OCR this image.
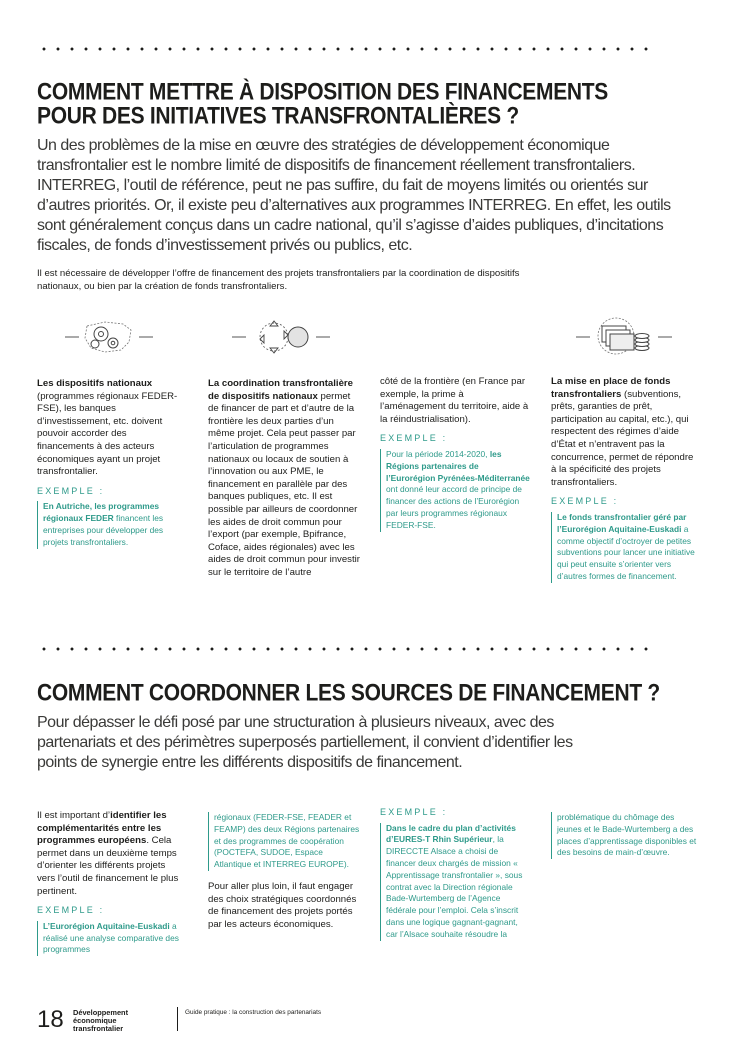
COMMENT METTRE À DISPOSITION DES FINANCEMENTS
POUR DES INITIATIVES TRANSFRONTALIÈRES ?
Un des problèmes de la mise en œuvre des stratégies de développement économique transfrontalier est le nombre limité de dispositifs de financement réellement transfrontaliers. INTERREG, l’outil de référence, peut ne pas suffire, du fait de moyens limités ou orientés sur d’autres priorités. Or, il existe peu d’alternatives aux programmes INTERREG. En effet, les outils sont généralement conçus dans un cadre national, qu’il s’agisse d’aides publiques, d’incitations fiscales, de fonds d’investissement privés ou publics, etc.
Il est nécessaire de développer l’offre de financement des projets transfrontaliers par la coordination de dispositifs nationaux, ou bien par la création de fonds transfrontaliers.
Les dispositifs nationaux (programmes régionaux FEDER-FSE), les banques d’investissement, etc. doivent pouvoir accorder des financements à des acteurs économiques ayant un projet transfrontalier.
EXEMPLE :
En Autriche, les programmes régionaux FEDER financent les entreprises pour développer des projets transfrontaliers.
La coordination transfrontalière de dispositifs nationaux permet de financer de part et d’autre de la frontière les deux parties d’un même projet. Cela peut passer par l’articulation de programmes nationaux ou locaux de soutien à l’innovation ou aux PME, le financement en parallèle par des banques publiques, etc. Il est possible par ailleurs de coordonner les aides de droit commun pour l’export (par exemple, Bpifrance, Coface, aides régionales) avec les aides de droit commun pour investir sur le territoire de l’autre
côté de la frontière (en France par exemple, la prime à l’aménagement du territoire, aide à la réindustrialisation).
EXEMPLE :
Pour la période 2014-2020, les Régions partenaires de l’Eurorégion Pyrénées-Méditerranée ont donné leur accord de principe de financer des actions de l’Eurorégion par leurs programmes régionaux FEDER-FSE.
La mise en place de fonds transfrontaliers (subventions, prêts, garanties de prêt, participation au capital, etc.), qui respectent des régimes d’aide d’État et n’entravent pas la concurrence, permet de répondre à la spécificité des projets transfrontaliers.
EXEMPLE :
Le fonds transfrontalier géré par l’Eurorégion Aquitaine-Euskadi a comme objectif d’octroyer de petites subventions pour lancer une initiative qui peut ensuite s’orienter vers d’autres formes de financement.
COMMENT COORDONNER LES SOURCES DE FINANCEMENT ?
Pour dépasser le défi posé par une structuration à plusieurs niveaux, avec des partenariats et des périmètres superposés partiellement, il convient d’identifier les points de synergie entre les différents dispositifs de financement.
Il est important d’identifier les complémentarités entre les programmes européens. Cela permet dans un deuxième temps d’orienter les différents projets vers l’outil de financement le plus pertinent.
EXEMPLE :
L’Eurorégion Aquitaine-Euskadi a réalisé une analyse comparative des programmes
régionaux (FEDER-FSE, FEADER et FEAMP) des deux Régions partenaires et des programmes de coopération (POCTEFA, SUDOE, Espace Atlantique et INTERREG EUROPE).
Pour aller plus loin, il faut engager des choix stratégiques coordonnés de financement des projets portés par les acteurs économiques.
EXEMPLE :
Dans le cadre du plan d’activités d’EURES-T Rhin Supérieur, la DIRECCTE Alsace a choisi de financer deux chargés de mission « Apprentissage transfrontalier », sous contrat avec la Direction régionale Bade-Wurtemberg de l’Agence fédérale pour l’emploi. Cela s’inscrit dans une logique gagnant-gagnant, car l’Alsace souhaite résoudre la
problématique du chômage des jeunes et le Bade-Wurtemberg a des places d’apprentissage disponibles et des besoins de main-d’œuvre.
18 Développement
économique
transfrontalier
Guide pratique : la construction des partenariats
